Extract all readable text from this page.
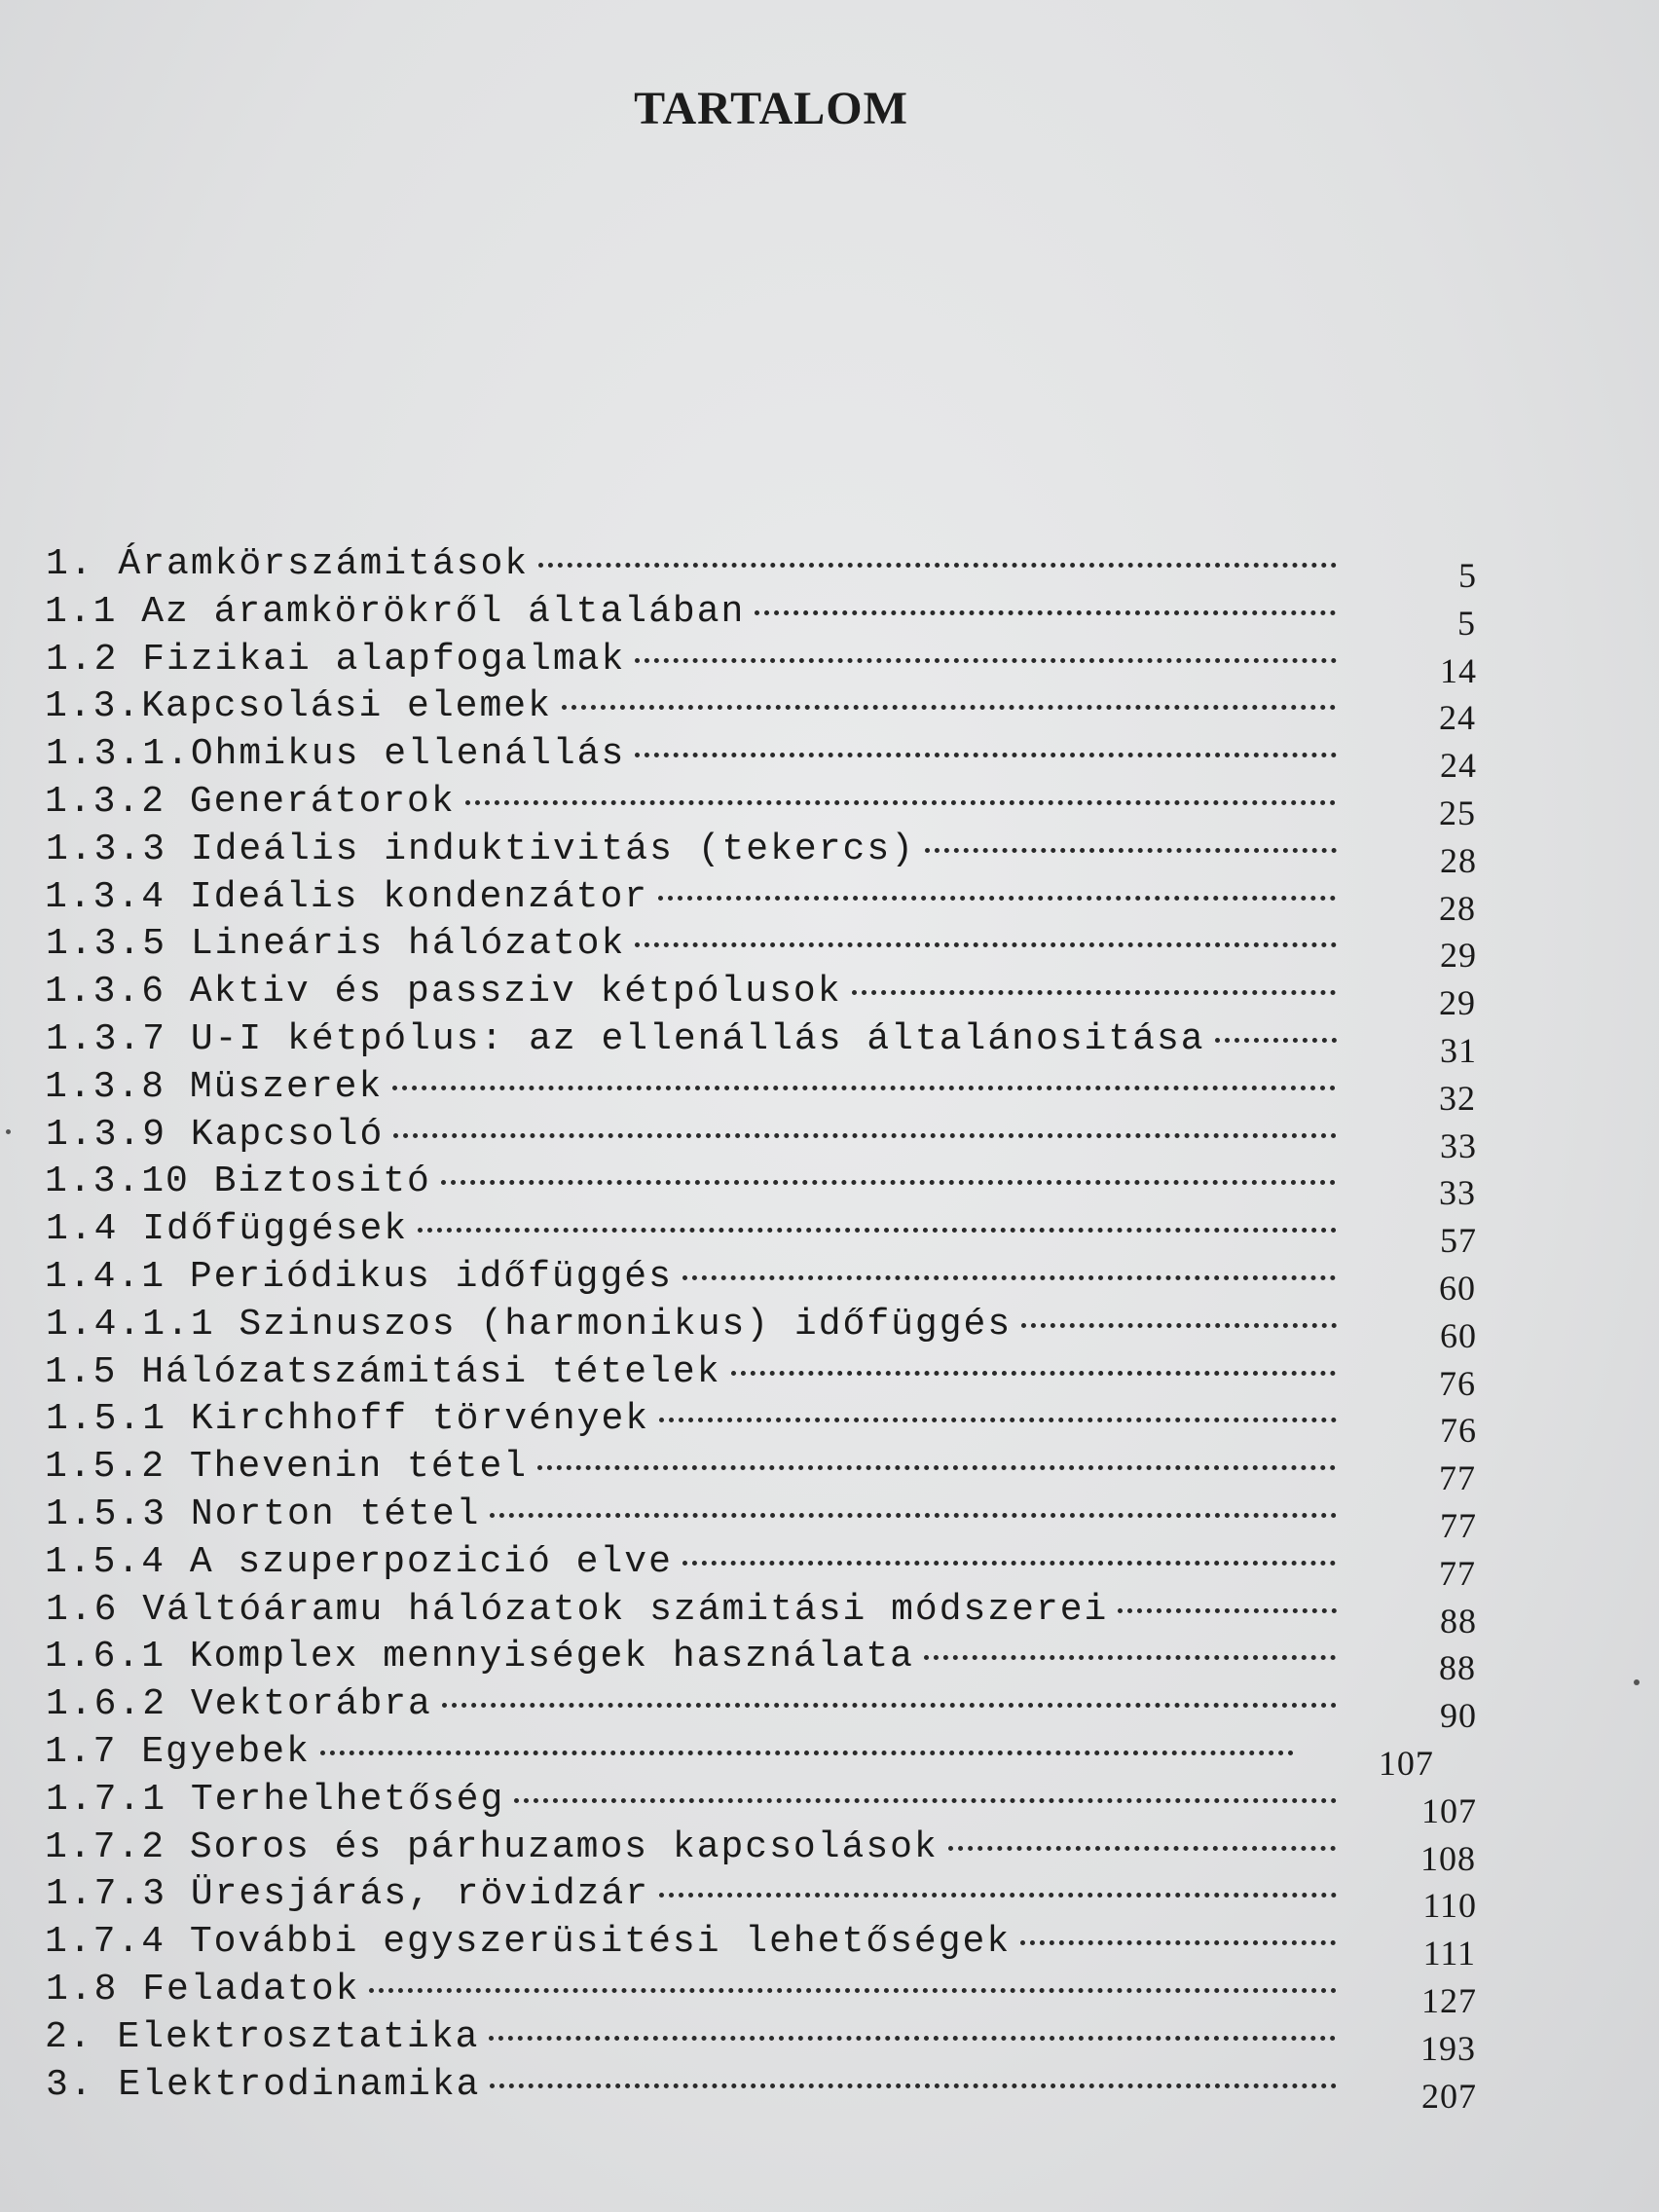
TARTALOM
1. Áramkörszámitások	5
1.1 Az áramkörökről általában	5
1.2 Fizikai alapfogalmak	14
1.3.Kapcsolási elemek	24
1.3.1.Ohmikus ellenállás	24
1.3.2 Generátorok	25
1.3.3 Ideális induktivitás (tekercs)	28
1.3.4 Ideális kondenzátor	28
1.3.5 Lineáris hálózatok	29
1.3.6 Aktiv és passziv kétpólusok	29
1.3.7 U-I kétpólus: az ellenállás általánositása	31
1.3.8 Müszerek	32
1.3.9 Kapcsoló	33
1.3.10 Biztositó	33
1.4 Időfüggések	57
1.4.1 Periódikus időfüggés	60
1.4.1.1 Szinuszos (harmonikus) időfüggés	60
1.5 Hálózatszámitási tételek	76
1.5.1 Kirchhoff törvények	76
1.5.2 Thevenin tétel	77
1.5.3 Norton tétel	77
1.5.4 A szuperpozició elve	77
1.6 Váltóáramu hálózatok számitási módszerei	88
1.6.1 Komplex mennyiségek használata	88
1.6.2 Vektorábra	90
1.7 Egyebek	107
1.7.1 Terhelhetőség	107
1.7.2 Soros és párhuzamos kapcsolások	108
1.7.3 Üresjárás, rövidzár	110
1.7.4 További egyszerüsitési lehetőségek	111
1.8 Feladatok	127
2. Elektrosztatika	193
3. Elektrodinamika	207
